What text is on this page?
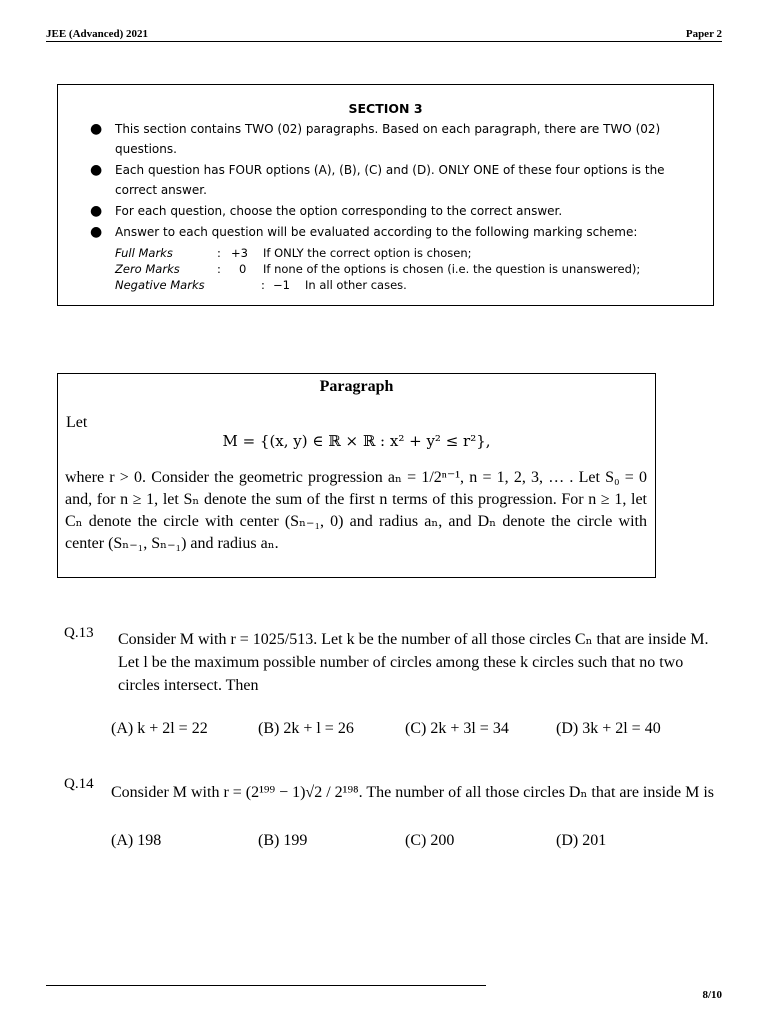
JEE (Advanced) 2021	Paper 2
SECTION 3
● This section contains TWO (02) paragraphs. Based on each paragraph, there are TWO (02) questions.
● Each question has FOUR options (A), (B), (C) and (D). ONLY ONE of these four options is the correct answer.
● For each question, choose the option corresponding to the correct answer.
● Answer to each question will be evaluated according to the following marking scheme:
Full Marks	: +3	If ONLY the correct option is chosen;
Zero Marks	:	0	If none of the options is chosen (i.e. the question is unanswered);
Negative Marks	: −1	In all other cases.
Paragraph
Let
M = {(x, y) ∈ ℝ × ℝ : x² + y² ≤ r²},
where r > 0. Consider the geometric progression aₙ = 1/2ⁿ⁻¹, n = 1, 2, 3, … . Let S₀ = 0 and, for n ≥ 1, let Sₙ denote the sum of the first n terms of this progression. For n ≥ 1, let Cₙ denote the circle with center (Sₙ₋₁, 0) and radius aₙ, and Dₙ denote the circle with center (Sₙ₋₁, Sₙ₋₁) and radius aₙ.
Q.13 Consider M with r = 1025/513. Let k be the number of all those circles Cₙ that are inside M. Let l be the maximum possible number of circles among these k circles such that no two circles intersect. Then
(A) k + 2l = 22	(B) 2k + l = 26	(C) 2k + 3l = 34	(D) 3k + 2l = 40
Q.14 Consider M with r = (2¹⁹⁹ − 1)√2 / 2¹⁹⁸. The number of all those circles Dₙ that are inside M is
(A) 198	(B) 199	(C) 200	(D) 201
8/10
